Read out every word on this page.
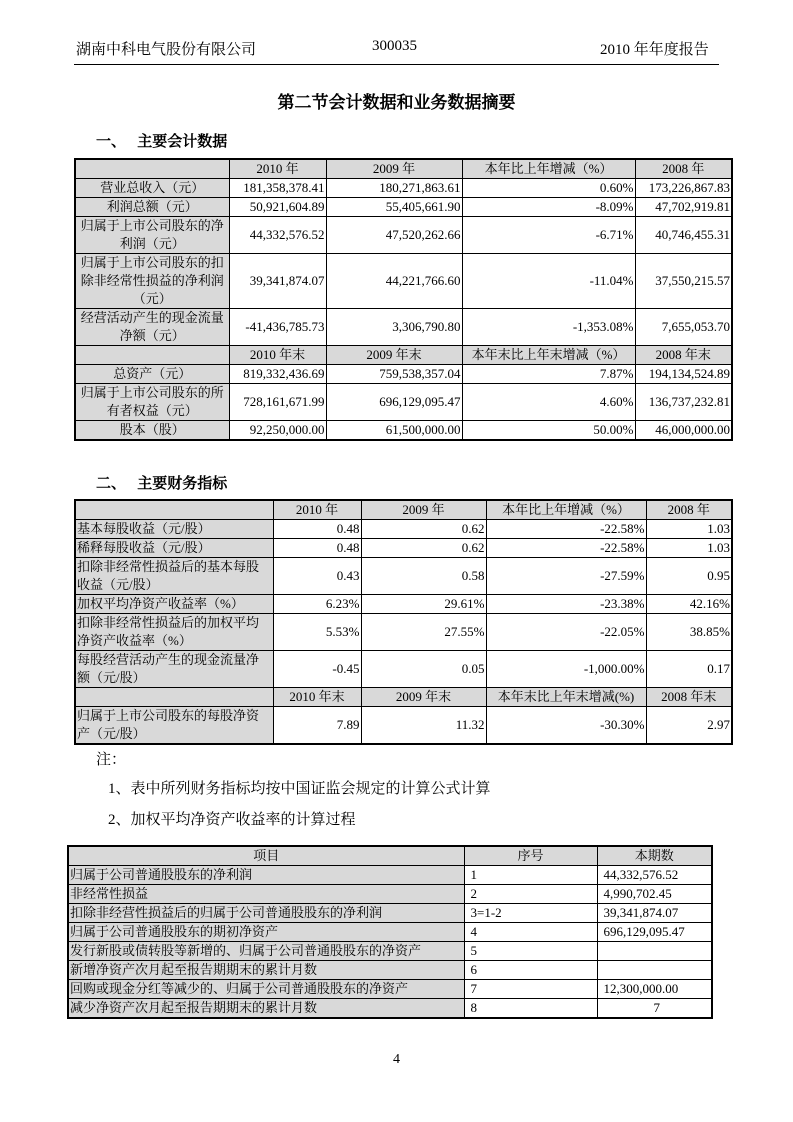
湖南中科电气股份有限公司	300035	2010 年年度报告
第二节会计数据和业务数据摘要
一、   主要会计数据
	2010 年	2009 年	本年比上年增减（%）	2008 年
营业总收入（元）	181,358,378.41	180,271,863.61	0.60%	173,226,867.83
利润总额（元）	50,921,604.89	55,405,661.90	-8.09%	47,702,919.81
归属于上市公司股东的净利润（元）	44,332,576.52	47,520,262.66	-6.71%	40,746,455.31
归属于上市公司股东的扣除非经常性损益的净利润（元）	39,341,874.07	44,221,766.60	-11.04%	37,550,215.57
经营活动产生的现金流量净额（元）	-41,436,785.73	3,306,790.80	-1,353.08%	7,655,053.70
	2010 年末	2009 年末	本年末比上年末增减（%）	2008 年末
总资产（元）	819,332,436.69	759,538,357.04	7.87%	194,134,524.89
归属于上市公司股东的所有者权益（元）	728,161,671.99	696,129,095.47	4.60%	136,737,232.81
股本（股）	92,250,000.00	61,500,000.00	50.00%	46,000,000.00
二、   主要财务指标
	2010 年	2009 年	本年比上年增减（%）	2008 年
基本每股收益（元/股）	0.48	0.62	-22.58%	1.03
稀释每股收益（元/股）	0.48	0.62	-22.58%	1.03
扣除非经常性损益后的基本每股收益（元/股）	0.43	0.58	-27.59%	0.95
加权平均净资产收益率（%）	6.23%	29.61%	-23.38%	42.16%
扣除非经常性损益后的加权平均净资产收益率（%）	5.53%	27.55%	-22.05%	38.85%
每股经营活动产生的现金流量净额（元/股）	-0.45	0.05	-1,000.00%	0.17
	2010 年末	2009 年末	本年末比上年末增减(%)	2008 年末
归属于上市公司股东的每股净资产（元/股）	7.89	11.32	-30.30%	2.97
注：
1、表中所列财务指标均按中国证监会规定的计算公式计算
2、加权平均净资产收益率的计算过程
项目	序号	本期数
归属于公司普通股股东的净利润	1	44,332,576.52
非经常性损益	2	4,990,702.45
扣除非经营性损益后的归属于公司普通股股东的净利润	3=1-2	39,341,874.07
归属于公司普通股股东的期初净资产	4	696,129,095.47
发行新股或债转股等新增的、归属于公司普通股股东的净资产	5	
新增净资产次月起至报告期期末的累计月数	6	
回购或现金分红等减少的、归属于公司普通股股东的净资产	7	12,300,000.00
减少净资产次月起至报告期期末的累计月数	8	7
4
